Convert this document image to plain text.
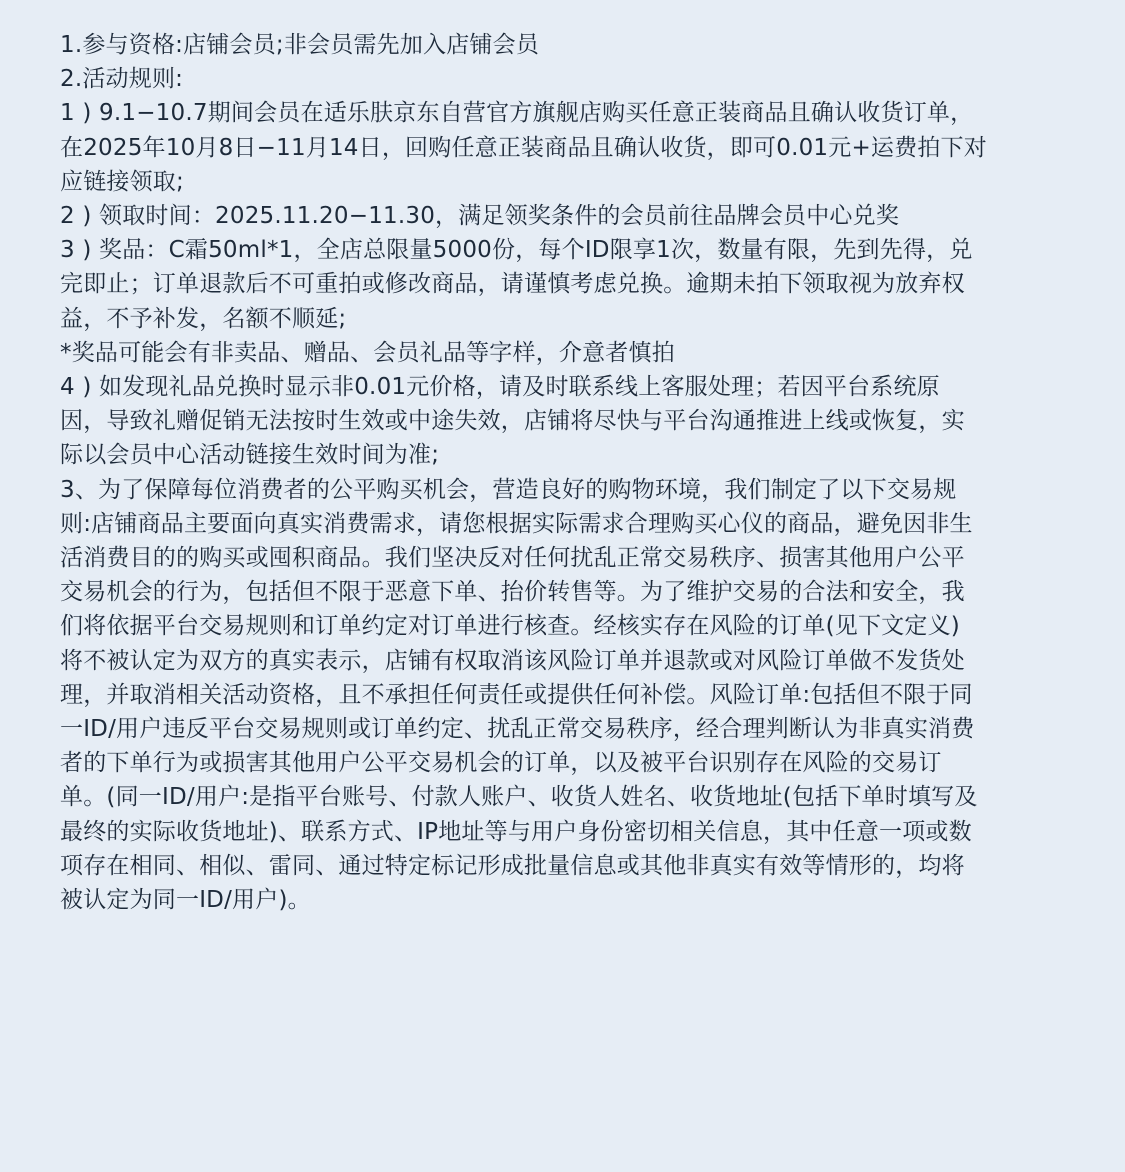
1.参与资格:店铺会员;非会员需先加入店铺会员
2.活动规则:
1 ) 9.1−10.7期间会员在适乐肤京东自营官方旗舰店购买任意正装商品且确认收货订单，
在2025年10月8日−11月14日，回购任意正装商品且确认收货，即可0.01元+运费拍下对
应链接领取;
2 ) 领取时间：2025.11.20−11.30，满足领奖条件的会员前往品牌会员中心兑奖
3 ) 奖品：C霜50ml*1，全店总限量5000份，每个ID限享1次，数量有限，先到先得，兑
完即止；订单退款后不可重拍或修改商品，请谨慎考虑兑换。逾期未拍下领取视为放弃权
益，不予补发，名额不顺延;
*奖品可能会有非卖品、赠品、会员礼品等字样，介意者慎拍
4 ) 如发现礼品兑换时显示非0.01元价格，请及时联系线上客服处理；若因平台系统原
因，导致礼赠促销无法按时生效或中途失效，店铺将尽快与平台沟通推进上线或恢复，实
际以会员中心活动链接生效时间为准;
3、为了保障每位消费者的公平购买机会，营造良好的购物环境，我们制定了以下交易规
则:店铺商品主要面向真实消费需求，请您根据实际需求合理购买心仪的商品，避免因非生
活消费目的的购买或囤积商品。我们坚决反对任何扰乱正常交易秩序、损害其他用户公平
交易机会的行为，包括但不限于恶意下单、抬价转售等。为了维护交易的合法和安全，我
们将依据平台交易规则和订单约定对订单进行核查。经核实存在风险的订单(见下文定义)
将不被认定为双方的真实表示，店铺有权取消该风险订单并退款或对风险订单做不发货处
理，并取消相关活动资格，且不承担任何责任或提供任何补偿。风险订单:包括但不限于同
一ID/用户违反平台交易规则或订单约定、扰乱正常交易秩序，经合理判断认为非真实消费
者的下单行为或损害其他用户公平交易机会的订单，以及被平台识别存在风险的交易订
单。(同一ID/用户:是指平台账号、付款人账户、收货人姓名、收货地址(包括下单时填写及
最终的实际收货地址)、联系方式、IP地址等与用户身份密切相关信息，其中任意一项或数
项存在相同、相似、雷同、通过特定标记形成批量信息或其他非真实有效等情形的，均将
被认定为同一ID/用户)。
